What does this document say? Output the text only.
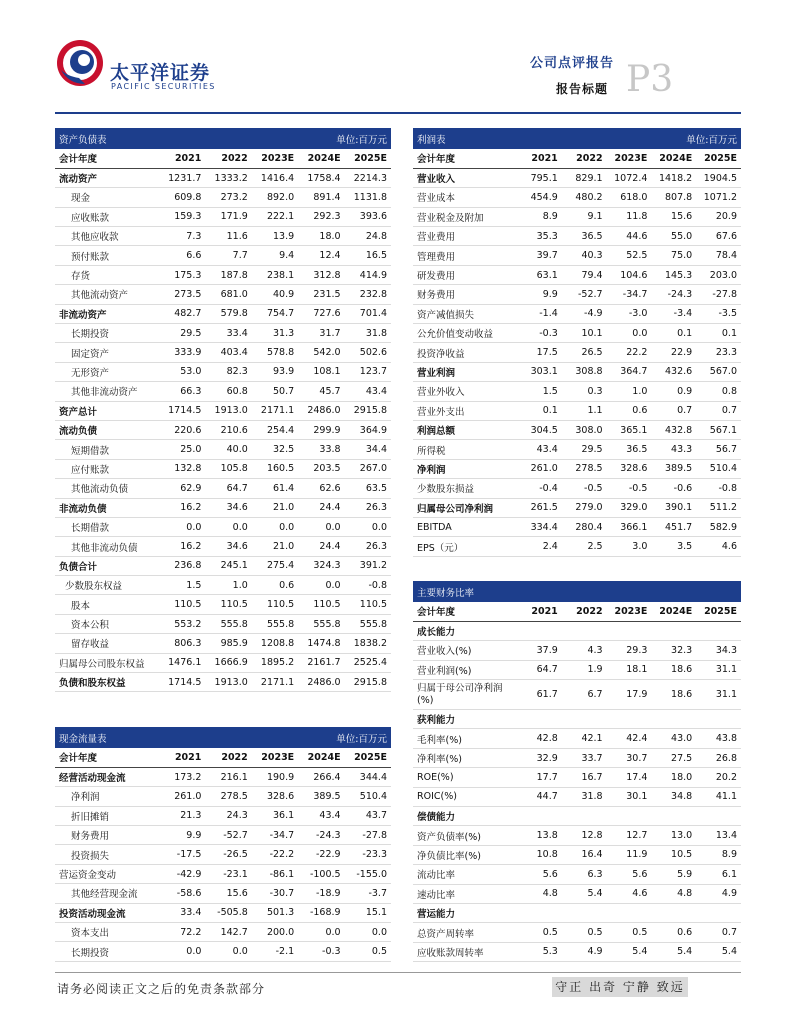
太平洋证券
PACIFIC SECURITIES
公司点评报告
报告标题 P3
资产负债表			单位:百万元		
会计年度	2021	2022	2023E	2024E	2025E
流动资产	1231.7	1333.2	1416.4	1758.4	2214.3
现金	609.8	273.2	892.0	891.4	1131.8
应收账款	159.3	171.9	222.1	292.3	393.6
其他应收款	7.3	11.6	13.9	18.0	24.8
预付账款	6.6	7.7	9.4	12.4	16.5
存货	175.3	187.8	238.1	312.8	414.9
其他流动资产	273.5	681.0	40.9	231.5	232.8
非流动资产	482.7	579.8	754.7	727.6	701.4
长期投资	29.5	33.4	31.3	31.7	31.8
固定资产	333.9	403.4	578.8	542.0	502.6
无形资产	53.0	82.3	93.9	108.1	123.7
其他非流动资产	66.3	60.8	50.7	45.7	43.4
资产总计	1714.5	1913.0	2171.1	2486.0	2915.8
流动负债	220.6	210.6	254.4	299.9	364.9
短期借款	25.0	40.0	32.5	33.8	34.4
应付账款	132.8	105.8	160.5	203.5	267.0
其他流动负债	62.9	64.7	61.4	62.6	63.5
非流动负债	16.2	34.6	21.0	24.4	26.3
长期借款	0.0	0.0	0.0	0.0	0.0
其他非流动负债	16.2	34.6	21.0	24.4	26.3
负债合计	236.8	245.1	275.4	324.3	391.2
少数股东权益	1.5	1.0	0.6	0.0	-0.8
股本	110.5	110.5	110.5	110.5	110.5
资本公积	553.2	555.8	555.8	555.8	555.8
留存收益	806.3	985.9	1208.8	1474.8	1838.2
归属母公司股东权益	1476.1	1666.9	1895.2	2161.7	2525.4
负债和股东权益	1714.5	1913.0	2171.1	2486.0	2915.8
利润表			单位:百万元		
会计年度	2021	2022	2023E	2024E	2025E
营业收入	795.1	829.1	1072.4	1418.2	1904.5
营业成本	454.9	480.2	618.0	807.8	1071.2
营业税金及附加	8.9	9.1	11.8	15.6	20.9
营业费用	35.3	36.5	44.6	55.0	67.6
管理费用	39.7	40.3	52.5	75.0	78.4
研发费用	63.1	79.4	104.6	145.3	203.0
财务费用	9.9	-52.7	-34.7	-24.3	-27.8
资产减值损失	-1.4	-4.9	-3.0	-3.4	-3.5
公允价值变动收益	-0.3	10.1	0.0	0.1	0.1
投资净收益	17.5	26.5	22.2	22.9	23.3
营业利润	303.1	308.8	364.7	432.6	567.0
营业外收入	1.5	0.3	1.0	0.9	0.8
营业外支出	0.1	1.1	0.6	0.7	0.7
利润总额	304.5	308.0	365.1	432.8	567.1
所得税	43.4	29.5	36.5	43.3	56.7
净利润	261.0	278.5	328.6	389.5	510.4
少数股东损益	-0.4	-0.5	-0.5	-0.6	-0.8
归属母公司净利润	261.5	279.0	329.0	390.1	511.2
EBITDA	334.4	280.4	366.1	451.7	582.9
EPS（元）	2.4	2.5	3.0	3.5	4.6
主要财务比率					
会计年度	2021	2022	2023E	2024E	2025E
成长能力					
营业收入(%)	37.9	4.3	29.3	32.3	34.3
营业利润(%)	64.7	1.9	18.1	18.6	31.1
归属于母公司净利润(%)	61.7	6.7	17.9	18.6	31.1
获利能力					
毛利率(%)	42.8	42.1	42.4	43.0	43.8
净利率(%)	32.9	33.7	30.7	27.5	26.8
ROE(%)	17.7	16.7	17.4	18.0	20.2
ROIC(%)	44.7	31.8	30.1	34.8	41.1
偿债能力					
资产负债率(%)	13.8	12.8	12.7	13.0	13.4
净负债比率(%)	10.8	16.4	11.9	10.5	8.9
流动比率	5.6	6.3	5.6	5.9	6.1
速动比率	4.8	5.4	4.6	4.8	4.9
营运能力					
总资产周转率	0.5	0.5	0.5	0.6	0.7
应收账款周转率	5.3	4.9	5.4	5.4	5.4
现金流量表			单位:百万元		
会计年度	2021	2022	2023E	2024E	2025E
经营活动现金流	173.2	216.1	190.9	266.4	344.4
净利润	261.0	278.5	328.6	389.5	510.4
折旧摊销	21.3	24.3	36.1	43.4	43.7
财务费用	9.9	-52.7	-34.7	-24.3	-27.8
投资损失	-17.5	-26.5	-22.2	-22.9	-23.3
营运资金变动	-42.9	-23.1	-86.1	-100.5	-155.0
其他经营现金流	-58.6	15.6	-30.7	-18.9	-3.7
投资活动现金流	33.4	-505.8	501.3	-168.9	15.1
资本支出	72.2	142.7	200.0	0.0	0.0
长期投资	0.0	0.0	-2.1	-0.3	0.5
请务必阅读正文之后的免责条款部分	守正 出奇 宁静 致远
